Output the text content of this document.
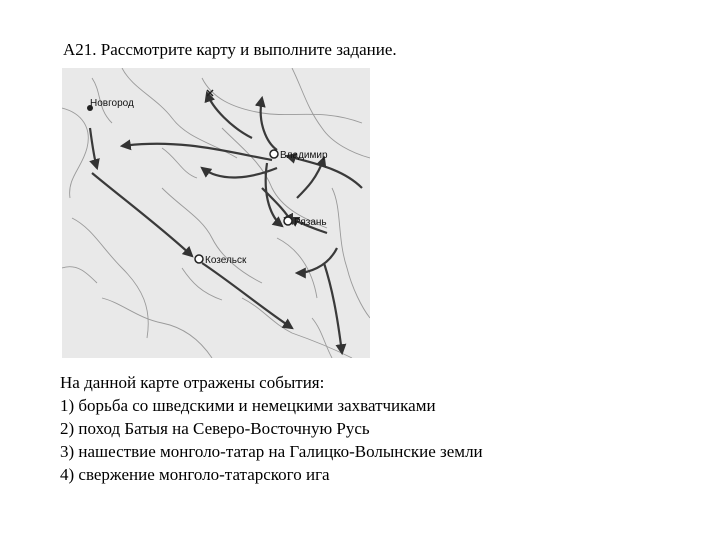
А21. Рассмотрите карту и выполните задание.
Новгород
Владимир
Рязань
Козельск
На данной карте отражены события:
1) борьба со шведскими и немецкими захватчиками
2) поход Батыя на Северо-Восточную Русь
3) нашествие монголо-татар на Галицко-Волынские земли
4) свержение монголо-татарского ига
